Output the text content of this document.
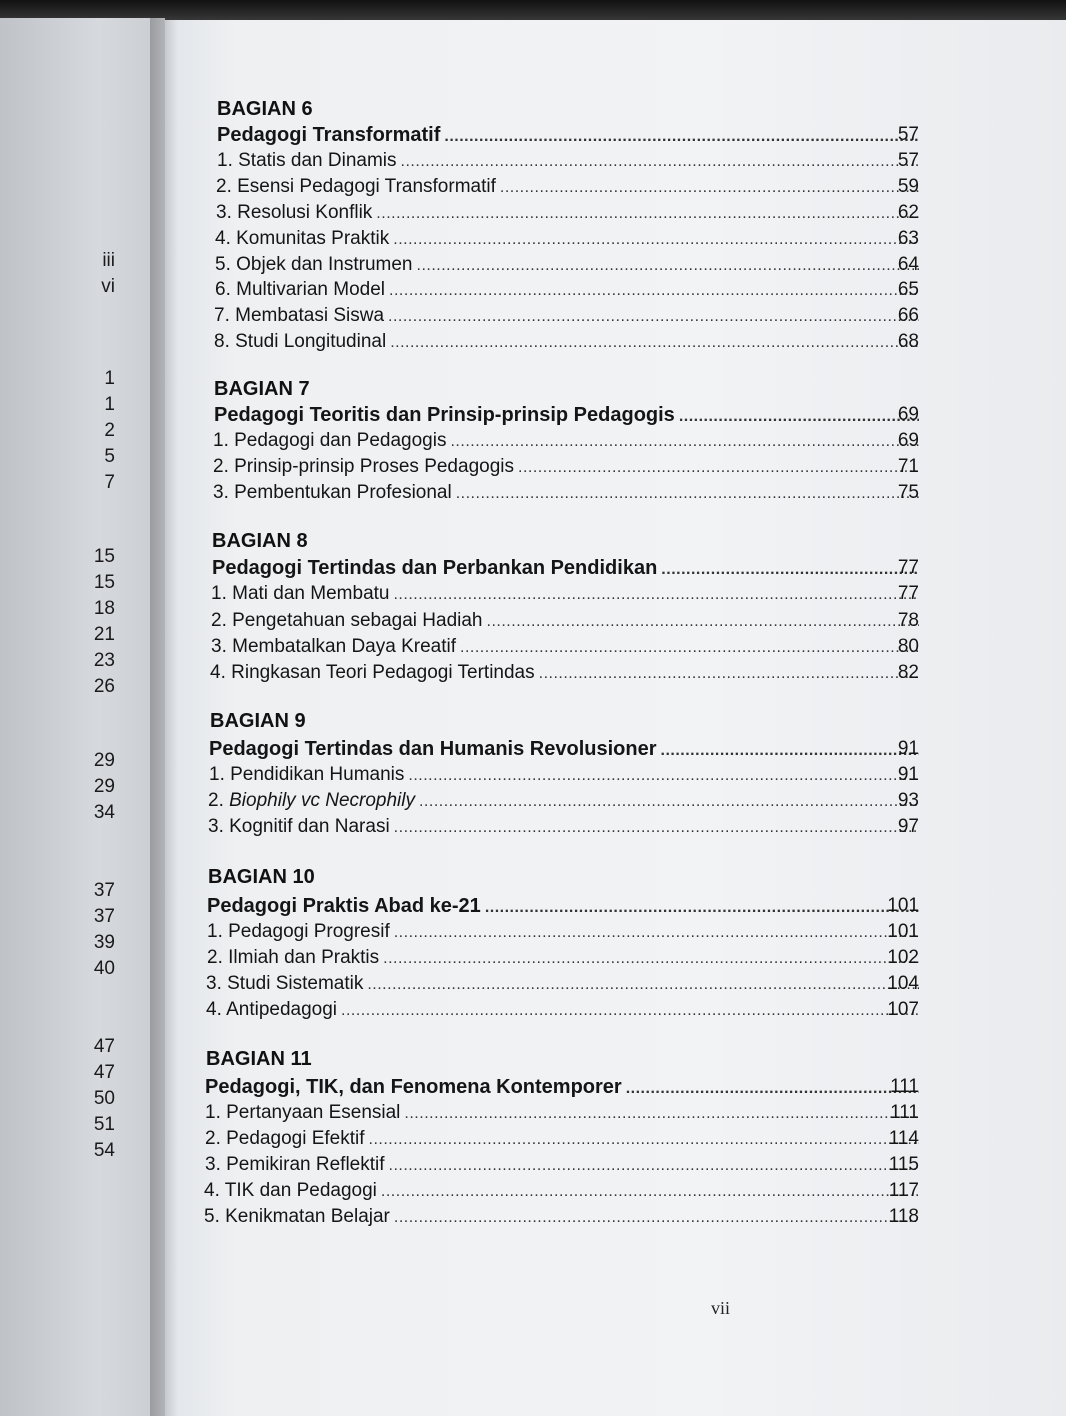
iii
vi
1
1
2
5
7
15
15
18
21
23
26
29
29
34
37
37
39
40
47
47
50
51
54
BAGIAN 6
Pedagogi Transformatif .....	57
1. Statis dan Dinamis .....	57
2. Esensi Pedagogi Transformatif .....	59
3. Resolusi Konflik .....	62
4. Komunitas Praktik .....	63
5. Objek dan Instrumen .....	64
6. Multivarian Model .....	65
7. Membatasi Siswa .....	66
8. Studi Longitudinal .....	68
BAGIAN 7
Pedagogi Teoritis dan Prinsip-prinsip Pedagogis .....	69
1. Pedagogi dan Pedagogis .....	69
2. Prinsip-prinsip Proses Pedagogis .....	71
3. Pembentukan Profesional .....	75
BAGIAN 8
Pedagogi Tertindas dan Perbankan Pendidikan .....	77
1. Mati dan Membatu .....	77
2. Pengetahuan sebagai Hadiah .....	78
3. Membatalkan Daya Kreatif .....	80
4. Ringkasan Teori Pedagogi Tertindas .....	82
BAGIAN 9
Pedagogi Tertindas dan Humanis Revolusioner .....	91
1. Pendidikan Humanis .....	91
2. Biophily vc Necrophily .....	93
3. Kognitif dan Narasi .....	97
BAGIAN 10
Pedagogi Praktis Abad ke-21 .....	101
1. Pedagogi Progresif .....	101
2. Ilmiah dan Praktis .....	102
3. Studi Sistematik .....	104
4. Antipedagogi .....	107
BAGIAN 11
Pedagogi, TIK, dan Fenomena Kontemporer .....	111
1. Pertanyaan Esensial .....	111
2. Pedagogi Efektif .....	114
3. Pemikiran Reflektif .....	115
4. TIK dan Pedagogi .....	117
5. Kenikmatan Belajar .....	118
vii
